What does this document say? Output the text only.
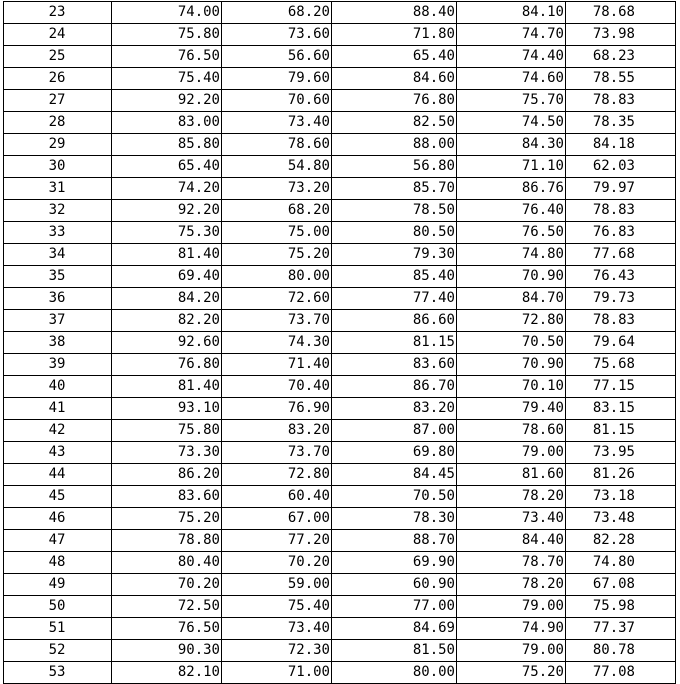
23	74.00	68.20	88.40	84.10	78.68
24	75.80	73.60	71.80	74.70	73.98
25	76.50	56.60	65.40	74.40	68.23
26	75.40	79.60	84.60	74.60	78.55
27	92.20	70.60	76.80	75.70	78.83
28	83.00	73.40	82.50	74.50	78.35
29	85.80	78.60	88.00	84.30	84.18
30	65.40	54.80	56.80	71.10	62.03
31	74.20	73.20	85.70	86.76	79.97
32	92.20	68.20	78.50	76.40	78.83
33	75.30	75.00	80.50	76.50	76.83
34	81.40	75.20	79.30	74.80	77.68
35	69.40	80.00	85.40	70.90	76.43
36	84.20	72.60	77.40	84.70	79.73
37	82.20	73.70	86.60	72.80	78.83
38	92.60	74.30	81.15	70.50	79.64
39	76.80	71.40	83.60	70.90	75.68
40	81.40	70.40	86.70	70.10	77.15
41	93.10	76.90	83.20	79.40	83.15
42	75.80	83.20	87.00	78.60	81.15
43	73.30	73.70	69.80	79.00	73.95
44	86.20	72.80	84.45	81.60	81.26
45	83.60	60.40	70.50	78.20	73.18
46	75.20	67.00	78.30	73.40	73.48
47	78.80	77.20	88.70	84.40	82.28
48	80.40	70.20	69.90	78.70	74.80
49	70.20	59.00	60.90	78.20	67.08
50	72.50	75.40	77.00	79.00	75.98
51	76.50	73.40	84.69	74.90	77.37
52	90.30	72.30	81.50	79.00	80.78
53	82.10	71.00	80.00	75.20	77.08
